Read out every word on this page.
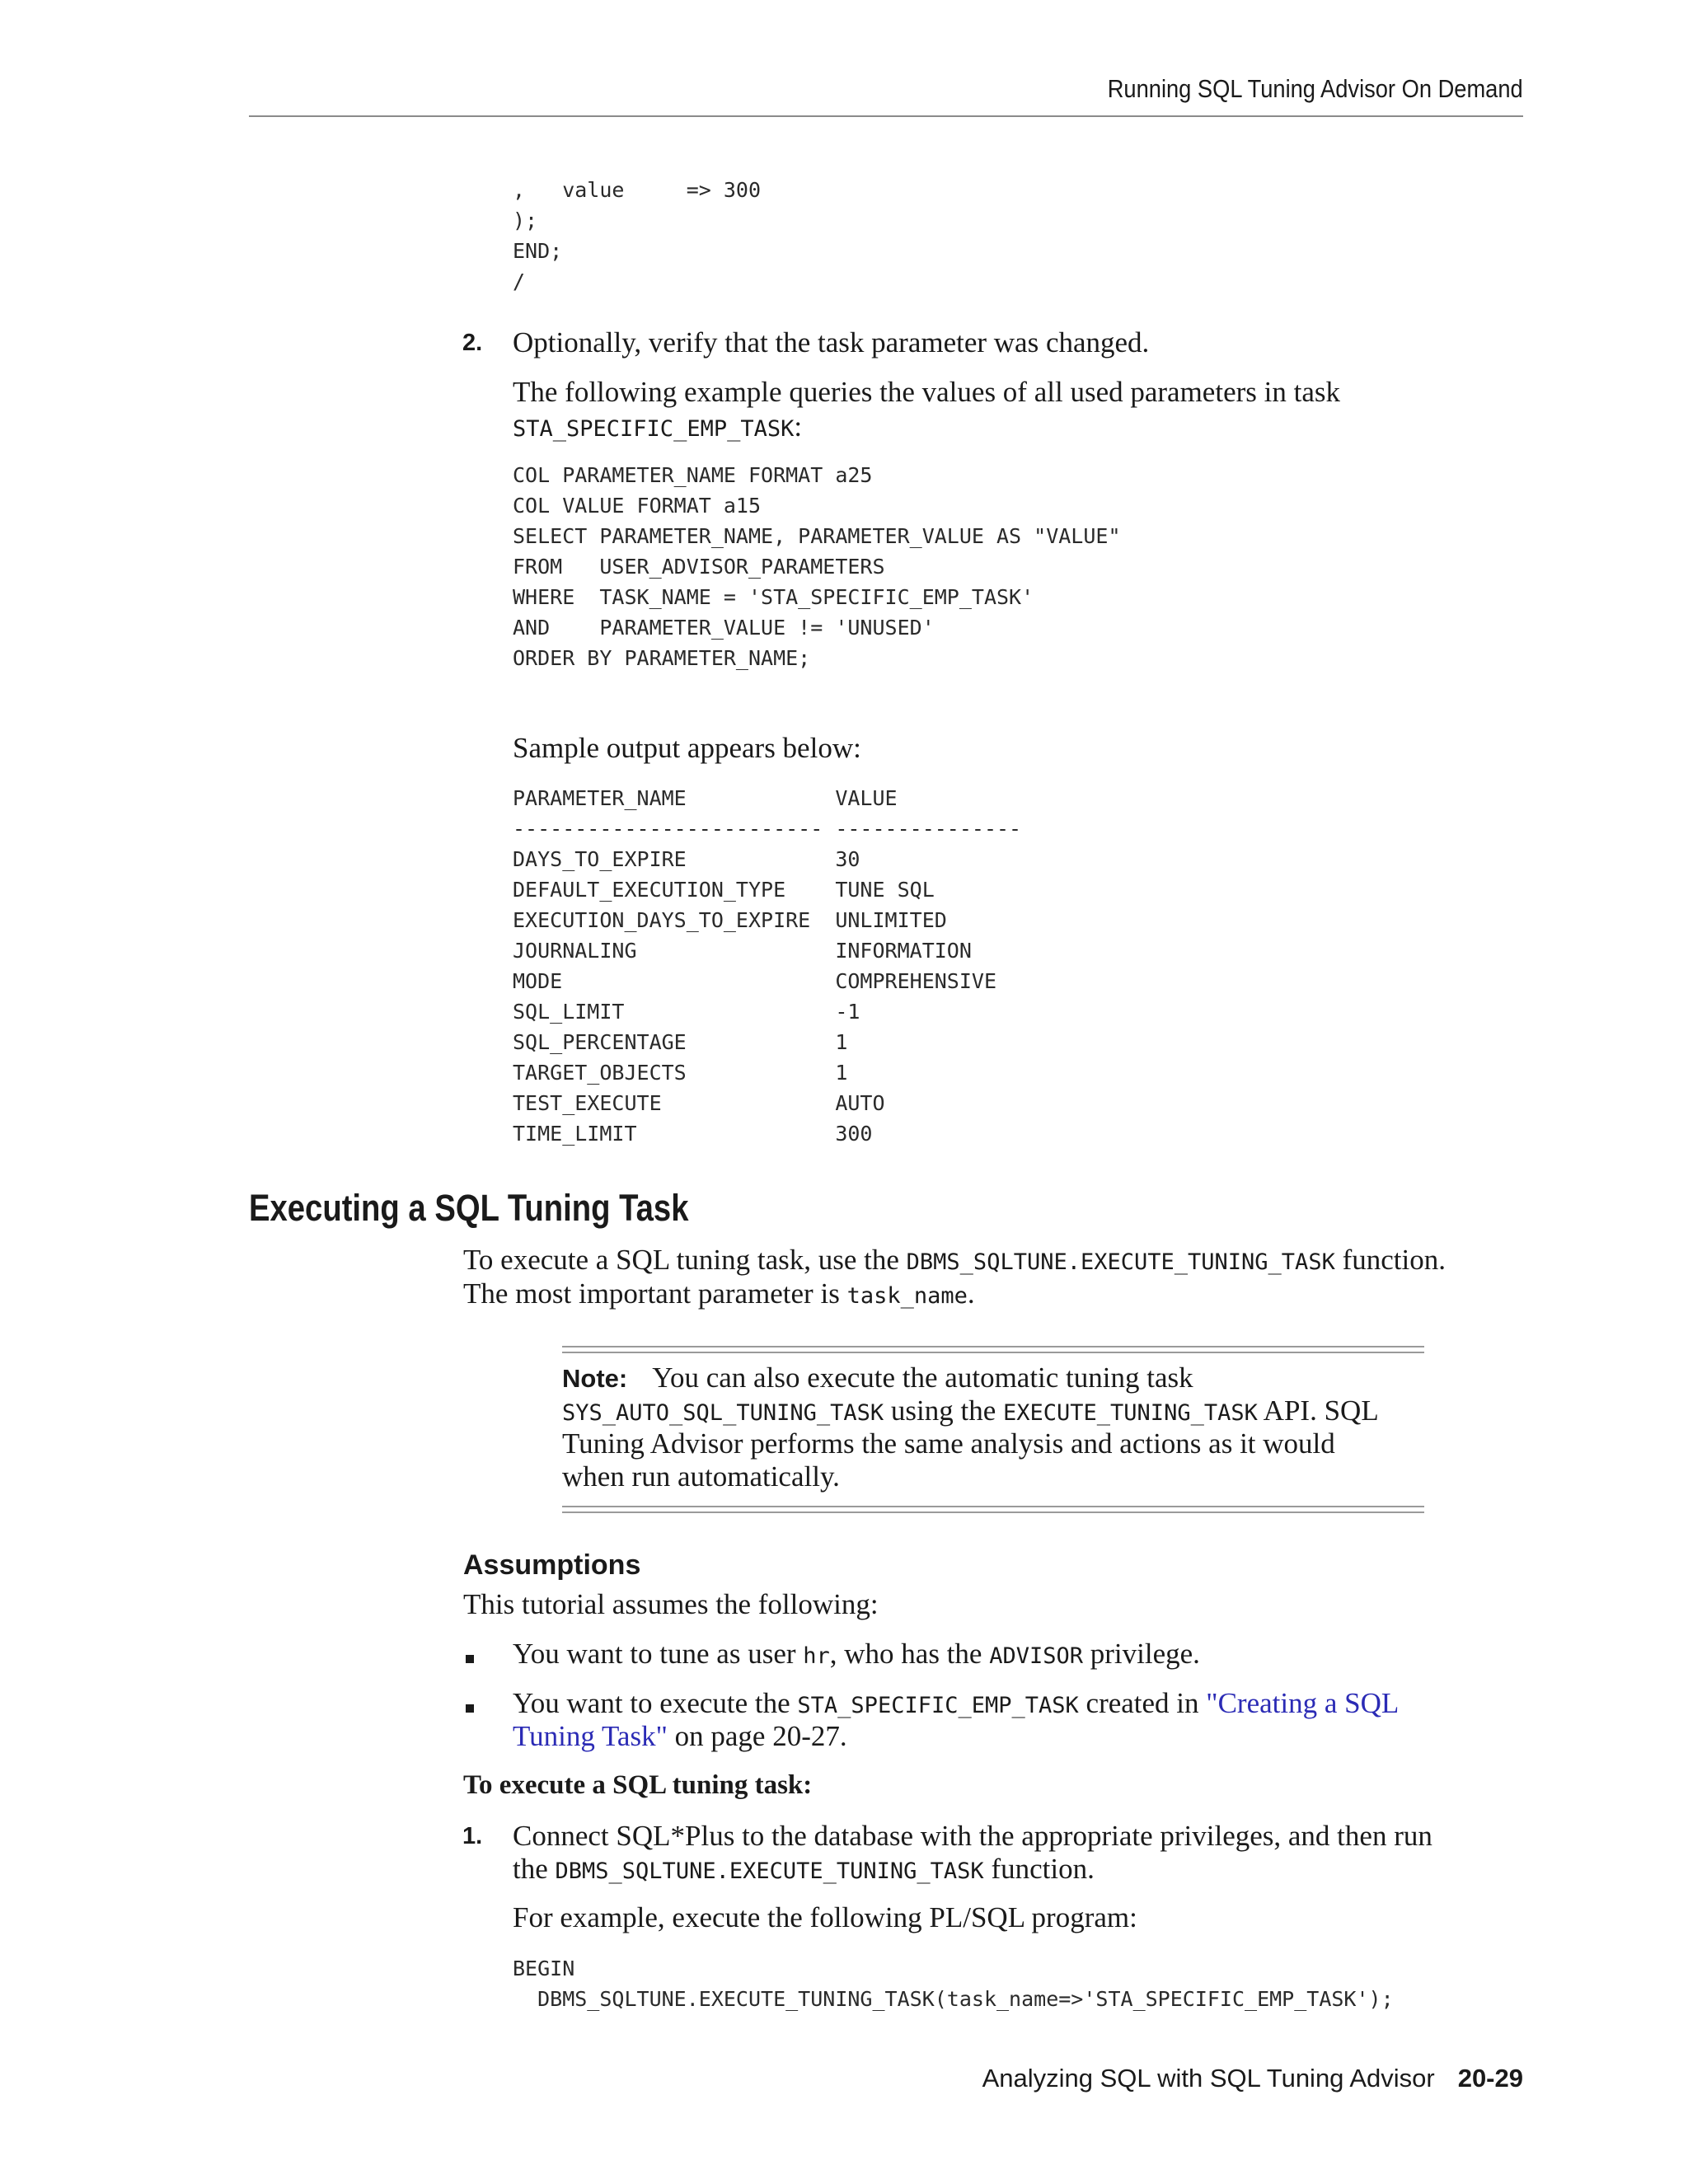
Running SQL Tuning Advisor On Demand
,   value     => 300
);
END;
/
2. Optionally, verify that the task parameter was changed.
The following example queries the values of all used parameters in task
STA_SPECIFIC_EMP_TASK:
COL PARAMETER_NAME FORMAT a25
COL VALUE FORMAT a15
SELECT PARAMETER_NAME, PARAMETER_VALUE AS "VALUE"
FROM   USER_ADVISOR_PARAMETERS
WHERE  TASK_NAME = 'STA_SPECIFIC_EMP_TASK'
AND    PARAMETER_VALUE != 'UNUSED'
ORDER BY PARAMETER_NAME;
Sample output appears below:
PARAMETER_NAME            VALUE
------------------------- ---------------
DAYS_TO_EXPIRE            30
DEFAULT_EXECUTION_TYPE    TUNE SQL
EXECUTION_DAYS_TO_EXPIRE  UNLIMITED
JOURNALING                INFORMATION
MODE                      COMPREHENSIVE
SQL_LIMIT                 -1
SQL_PERCENTAGE            1
TARGET_OBJECTS            1
TEST_EXECUTE              AUTO
TIME_LIMIT                300
Executing a SQL Tuning Task
To execute a SQL tuning task, use the DBMS_SQLTUNE.EXECUTE_TUNING_TASK function.
The most important parameter is task_name.
Note: You can also execute the automatic tuning task
SYS_AUTO_SQL_TUNING_TASK using the EXECUTE_TUNING_TASK API. SQL
Tuning Advisor performs the same analysis and actions as it would
when run automatically.
Assumptions
This tutorial assumes the following:
You want to tune as user hr, who has the ADVISOR privilege.
You want to execute the STA_SPECIFIC_EMP_TASK created in "Creating a SQL
Tuning Task" on page 20-27.
To execute a SQL tuning task:
1. Connect SQL*Plus to the database with the appropriate privileges, and then run
the DBMS_SQLTUNE.EXECUTE_TUNING_TASK function.
For example, execute the following PL/SQL program:
BEGIN
DBMS_SQLTUNE.EXECUTE_TUNING_TASK(task_name=>'STA_SPECIFIC_EMP_TASK');
Analyzing SQL with SQL Tuning Advisor 20-29
